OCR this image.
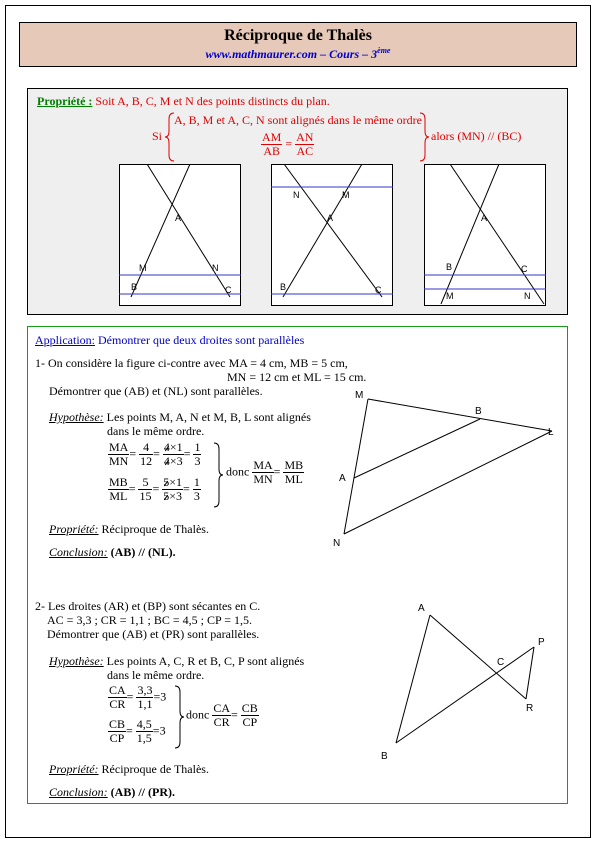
Réciproque de Thalès
www.mathmaurer.com – Cours – 3ème
Propriété : Soit A, B, C, M et N des points distincts du plan.
Si
A, B, M et A, C, N sont alignés dans le même ordre
$\frac{AM}{AB} = \frac{AN}{AC}$	alors (MN) // (BC)
A
M	N
B	C
N	M
A
B	C
A
B	C
M	N
Application: Démontrer que deux droites sont parallèles
1- On considère la figure ci-contre avec MA = 4 cm, MB = 5 cm,
MN = 12 cm et ML = 15 cm.
Démontrer que (AB) et (NL) sont parallèles.
Hypothèse: Les points M, A, N et M, B, L sont alignés
dans le même ordre.
$\frac{MA}{MN} = \frac{4}{12} = \frac{4\times 1}{4\times 3} = \frac{1}{3}$
$\frac{MB}{ML} = \frac{5}{15} = \frac{5\times 1}{5\times 3} = \frac{1}{3}$
donc $\frac{MA}{MN} = \frac{MB}{ML}$
Propriété: Réciproque de Thalès.
Conclusion: (AB) // (NL).
M
B
L
A
N
2- Les droites (AR) et (BP) sont sécantes en C.
AC = 3,3 ; CR = 1,1 ; BC = 4,5 ; CP = 1,5.
Démontrer que (AB) et (PR) sont parallèles.
Hypothèse: Les points A, C, R et B, C, P sont alignés
dans le même ordre.
$\frac{CA}{CR} = \frac{3,3}{1,1} =3$
$\frac{CB}{CP} = \frac{4,5}{1,5} =3$
donc $\frac{CA}{CR} = \frac{CB}{CP}$
Propriété: Réciproque de Thalès.
Conclusion: (AB) // (PR).
A
P
C
R
B
